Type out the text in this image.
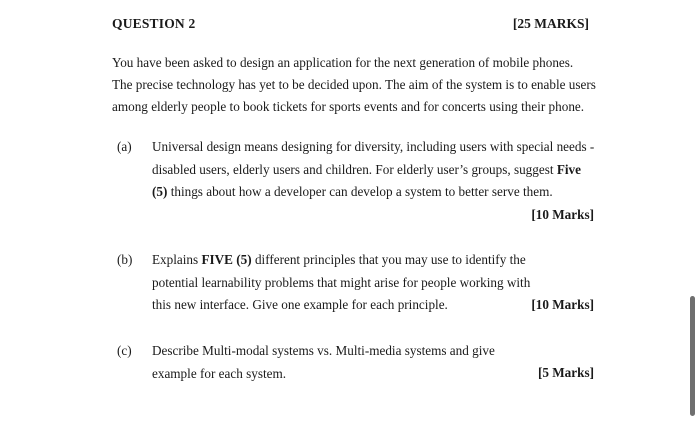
QUESTION 2	[25 MARKS]
You have been asked to design an application for the next generation of mobile phones. The precise technology has yet to be decided upon. The aim of the system is to enable users among elderly people to book tickets for sports events and for concerts using their phone.
(a) Universal design means designing for diversity, including users with special needs - disabled users, elderly users and children. For elderly user’s groups, suggest Five (5) things about how a developer can develop a system to better serve them.
[10 Marks]
(b)
[10 Marks]
Explains FIVE (5) different principles that you may use to identify the potential learnability problems that might arise for people working with this new interface. Give one example for each principle.
(c)
[5 Marks]
Describe Multi-modal systems vs. Multi-media systems and give example for each system.
